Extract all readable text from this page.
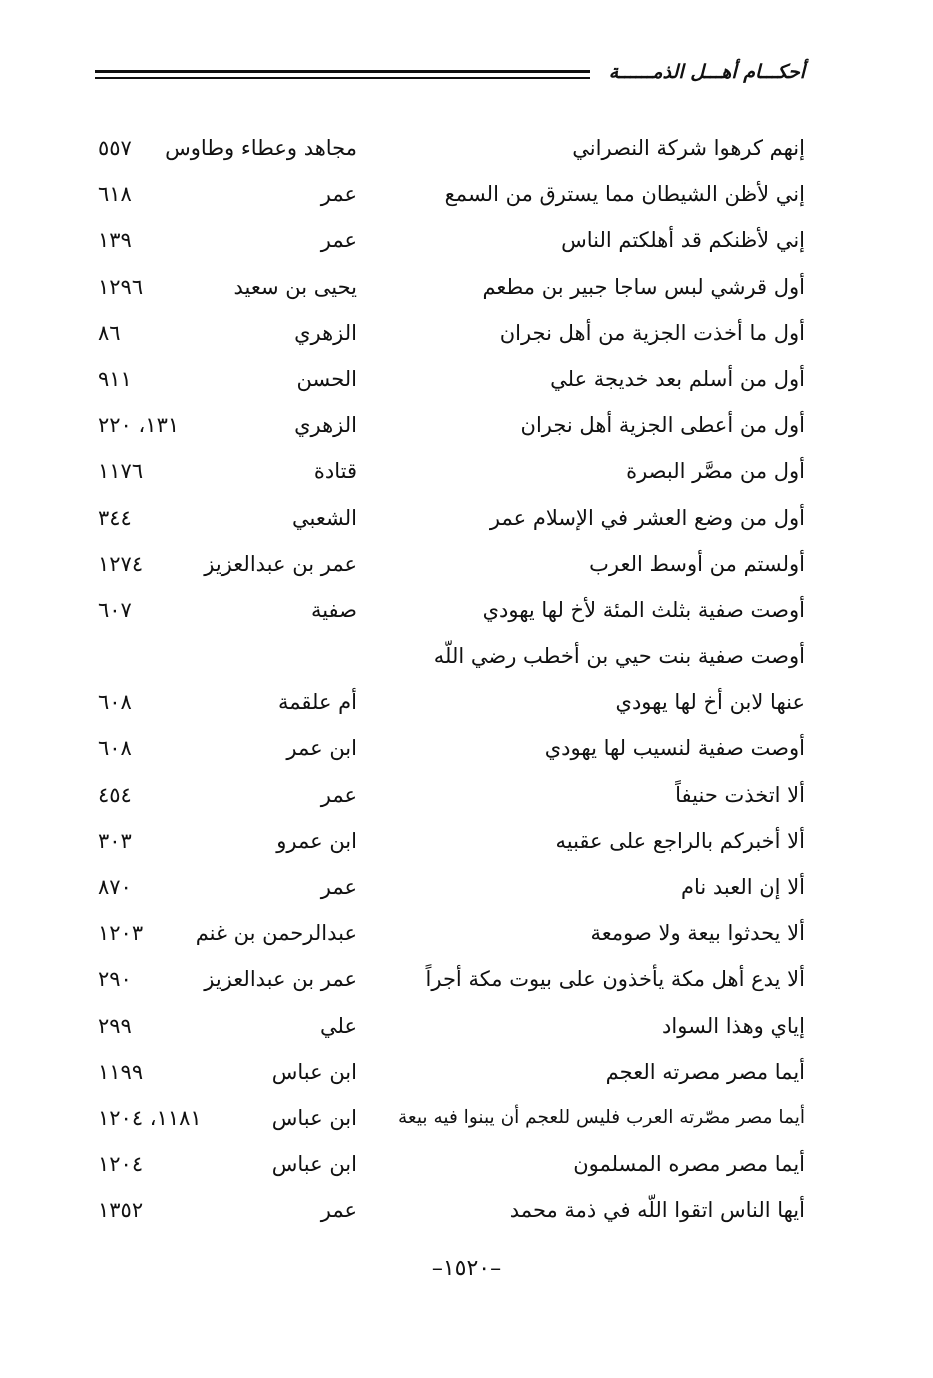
أحكـــام أهـــل الذمــــــة
إنهم كرهوا شركة النصراني
مجاهد وعطاء وطاوس
٥٥٧
إني لأظن الشيطان مما يسترق من السمع
عمر
٦١٨
إني لأظنكم قد أهلكتم الناس
عمر
١٣٩
أول قرشي لبس ساجا جبير بن مطعم
يحيى بن سعيد
١٢٩٦
أول ما أخذت الجزية من أهل نجران
الزهري
٨٦
أول من أسلم بعد خديجة علي
الحسن
٩١١
أول من أعطى الجزية أهل نجران
الزهري
١٣١، ٢٢٠
أول من مصَّر البصرة
قتادة
١١٧٦
أول من وضع العشر في الإسلام عمر
الشعبي
٣٤٤
أولستم من أوسط العرب
عمر بن عبدالعزيز
١٢٧٤
أوصت صفية بثلث المئة لأخ لها يهودي
صفية
٦٠٧
أوصت صفية بنت حيي بن أخطب رضي اللّه
عنها لابن أخ لها يهودي
أم علقمة
٦٠٨
أوصت صفية لنسيب لها يهودي
ابن عمر
٦٠٨
ألا اتخذت حنيفاً
عمر
٤٥٤
ألا أخبركم بالراجع على عقبيه
ابن عمرو
٣٠٣
ألا إن العبد نام
عمر
٨٧٠
ألا يحدثوا بيعة ولا صومعة
عبدالرحمن بن غنم
١٢٠٣
ألا يدع أهل مكة يأخذون على بيوت مكة أجراً
عمر بن عبدالعزيز
٢٩٠
إياي وهذا السواد
علي
٢٩٩
أيما مصر مصرته العجم
ابن عباس
١١٩٩
أيما مصر مصّرته العرب فليس للعجم أن يبنوا فيه بيعة
ابن عباس
١١٨١، ١٢٠٤
أيما مصر مصره المسلمون
ابن عباس
١٢٠٤
أيها الناس اتقوا اللّه في ذمة محمد
عمر
١٣٥٢
–١٥٢٠–
